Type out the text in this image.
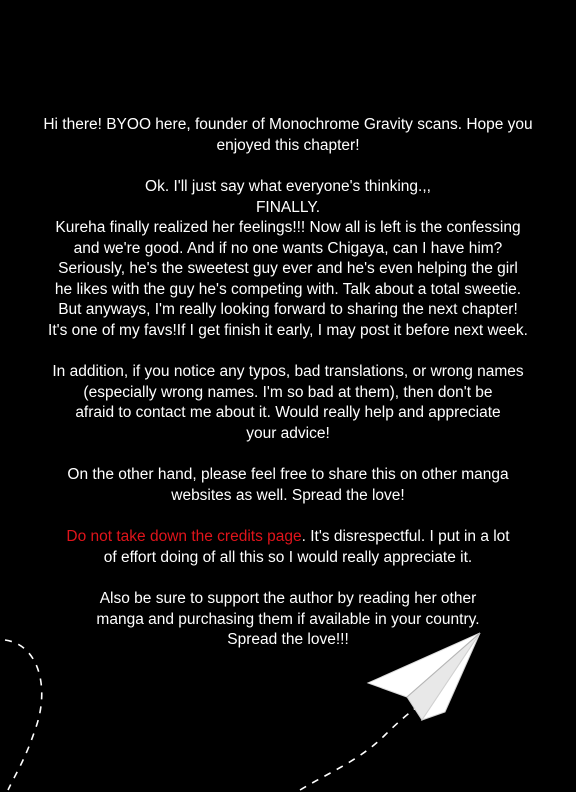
Hi there! BYOO here, founder of Monochrome Gravity scans. Hope you
enjoyed this chapter!

Ok. I'll just say what everyone's thinking.,,
FINALLY.
Kureha finally realized her feelings!!! Now all is left is the confessing
and we're good. And if no one wants Chigaya, can I have him?
Seriously, he's the sweetest guy ever and he's even helping the girl
he likes with the guy he's competing with. Talk about a total sweetie.
But anyways, I'm really looking forward to sharing the next chapter!
It's one of my favs!If I get finish it early, I may post it before next week.

In addition, if you notice any typos, bad translations, or wrong names
(especially wrong names. I'm so bad at them), then don't be
afraid to contact me about it. Would really help and appreciate
your advice!

On the other hand, please feel free to share this on other manga
websites as well. Spread the love!

Do not take down the credits page. It's disrespectful. I put in a lot
of effort doing of all this so I would really appreciate it.

Also be sure to support the author by reading her other
manga and purchasing them if available in your country.
Spread the love!!!
